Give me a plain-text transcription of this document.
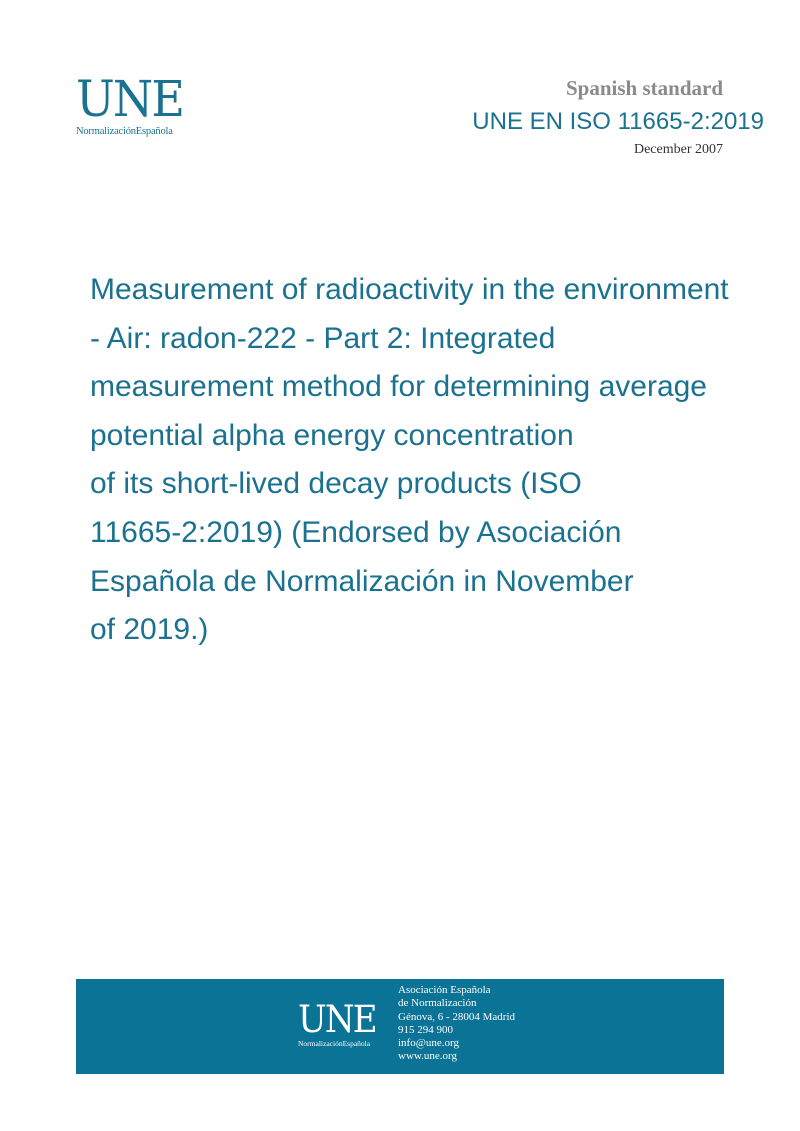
UNE
NormalizaciónEspañola
Spanish standard
UNE EN ISO 11665-2:2019
December 2007
Measurement of radioactivity in the environment
- Air: radon-222 - Part 2: Integrated
measurement method for determining average
potential alpha energy concentration
of its short-lived decay products (ISO
11665-2:2019) (Endorsed by Asociación
Española de Normalización in November
of 2019.)
UNE
NormalizaciónEspañola
Asociación Española
de Normalización
Génova, 6 - 28004 Madrid
915 294 900
info@une.org
www.une.org
